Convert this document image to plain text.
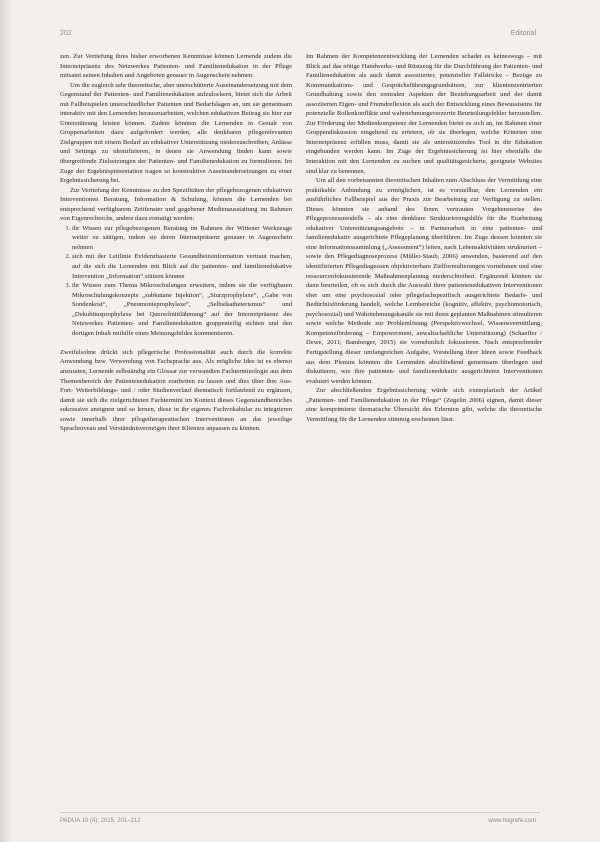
202	Editorial

zen. Zur Vertiefung ihres bisher erworbenen Kenntnisse können Lernende zudem die Internetpräsenz des Netzwerkes Patienten- und Familienedukation in der Pflege mitsamt seinen Inhalten und Angeboten genauer in Augenschein nehmen.

Um die zugleich sehr theoretische, aber unerschütterte Auseinandersetzung mit dem Gegenstand der Patienten- und Familienedukation aufzulockern, bietet sich die Arbeit mit Fallbeispielen unterschiedlicher Patienten und Bedarfslagen an, um sie gemeinsam interaktiv mit den Lernenden herauszuarbeiten, welchen edukativen Beitrag sie hier zur Unterstützung leisten können. Zudem könnten die Lernenden in Gestalt von Gruppenarbeiten dazu aufgefordert werden, alle denkbaren pflegerelevanten Zielgruppen mit einem Bedarf an edukativer Unterstützung niederzuschreiben, Anlässe und Settings zu identifizieren, in denen sie Anwendung finden kann sowie übergreifende Zielsetzungen der Patienten- und Familienedukation zu formulieren. Im Zuge der Ergebnispräsentation tragen so konstruktive Auseinandersetzungen zu einer Ergebnissicherung bei.

Zur Vertiefung der Kenntnisse zu den Spezifitäten der pflegebezogenen edukativen Interventionen Beratung, Information & Schulung, können die Lernenden bei entsprechend verfügbarem Zeitfenster und gegebener Medienausstattung im Rahmen von Eigenrecherche, andere dazu ermutigt werden:

1. ihr Wissen zur pflegebezogenen Beratung im Rahmen der Wittener Werkzeuge weiter zu sättigen, indem sie deren Internetpräsenz genauer in Augenschein nehmen
2. sich mit der Leitlinie Evidenzbasierte Gesundheitsinformation vertraut machen, auf die sich die Lernenden mit Blick auf die patienten- und familienedukative Intervention „Information“ stützen können
3. ihr Wissen zum Thema Mikroschulungen erweitern, indem sie die verfügbaren Mikroschulungskonzepte „subkutane Injektion“, „Sturzprophylaxe“, „Gabe von Sondenkost“, „Pneumonieprophylaxe“, „Selbstkatheterismus“ und „Dekubitusprophylaxe bei Querschnittlähmung“ auf der Internetpräsenz des Netzwerkes Patienten- und Familienedukation gruppenteilig sichten und den dortigen Inhalt mithilfe eines Meinungsbildes kommentieren.

Zweifelsohne drückt sich pflegerische Professionalität auch durch die korrekte Anwendung bzw. Verwendung von Fachsprache aus. Als mögliche Idee ist es ebenso anzuraten, Lernende selbständig ein Glossar zur verwandten Fachterminologie aus dem Themenbereich der Patientenedukation erarbeiten zu lassen und dies über ihre Aus- Fort- Weiterbildungs- und / oder Studienverlauf thematisch fortlaufend zu ergänzen, damit sie sich die zielgerichteten Fachtermini im Kontext dieses Gegenstandbereiches sukzessive aneignen und so lernen, diese in ihr eigenes Fachvokabular zu integrieren sowie innerhalb ihrer pflegetherapeutischen Interventionen an das jeweilige Sprachniveau und Verständnisvermögen ihrer Klienten anpassen zu können.

Im Rahmen der Kompetenzentwicklung der Lernenden schadet es keineswegs – mit Blick auf das nötige Handwerks- und Rüstzeug für die Durchführung der Patienten- und Familienedukation als auch damit assoziierter, potenzieller Fallstricke – Bezüge zu Kommunikations- und Gesprächsführungsgrundsätzen, zur klientenzentrierten Grundhaltung sowie den zentralen Aspekten der Beziehungsarbeit und der damit assoziierten Eigen- und Fremdreflexion als auch der Entwicklung eines Bewusstseins für potenzielle Rollenkonflikte und wahrnehmungsverzerrte Beurteilungsfehler herzustellen. Zur Förderung der Medienkompetenz der Lernenden bietet es sich an, im Rahmen einer Gruppendiskussion eingehend zu erörtern, ob sie überlegen, welche Kriterien eine Internetpräsenz erfüllen muss, damit sie als unterstützendes Tool in die Edukation eingebunden werden kann. Im Zuge der Ergebnissicherung ist hier ebenfalls die Interaktion mit den Lernenden zu suchen und qualitätsgesicherte, geeignete Websites sind klar zu benennen.

Um all den vorbenannten theoretischen Inhalten zum Abschluss der Vermittlung eine praktikable Anbindung zu ermöglichen, ist es vorstellbar, den Lernenden ein ausführliches Fallbeispiel aus der Praxis zur Bearbeitung zur Verfügung zu stellen. Dieses könnten sie anhand des ihnen vertrauten Vorgehensweise des Pflegeprozessmodells – als eine denkbare Strukturierungshilfe für die Erarbeitung edukativer Unterstützungsangebote – in Partnerarbeit in eine patienten- und familienedukativ ausgerichtete Pflegeplanung überführen. Im Zuge dessen könnten sie eine Informationssammlung („Assessment“) leiten, nach Lebensaktivitäten strukturiert – sowie den Pflegediagnoseprozess (Müller-Staub, 2006) anwenden, basierend auf den identifizierten Pflegediagnosen objektivierbare Zielformulierungen vornehmen und eine ressourcenfokussierende Maßnahmenplanung niederschreiben. Ergänzend können sie dann beurteilen, ob es sich durch die Auswahl ihrer patientenedukativen Interventionen eher um eine psychosozial oder pflegefachspezifisch ausgerichtete Bedarfs- und Bedürfnisförderung handelt, welche Lernbereiche (kognitiv, affektiv, psychomotorisch, psychosozial) und Wahrnehmungskanäle sie mit ihren geplanten Maßnahmen stimulieren sowie welche Methode zur Problemlösung (Perspektivwechsel, Wissensvermittlung, Kompetenzförderung – Empowerment, anwaltschaftliche Unterstützung) (Schaeffer / Dewe, 2011; Bamberger, 2015) sie vornehmlich fokussieren. Nach entsprechender Fertigstellung dieser umfangreichen Aufgabe, Vorstellung ihrer Ideen sowie Feedback aus dem Plenum könnten die Lernenden abschließend gemeinsam überlegen und diskutieren, wie ihre patienten- und familienedukativ ausgerichteten Interventionen evaluiert werden können.

Zur abschließenden Ergebnissicherung würde sich exemplarisch der Artikel „Patienten- und Familienedukation in der Pflege“ (Zegelin 2006) eignen, damit dieser eine komprimierte thematische Übersicht des Erlernten gibt, welche die theoretische Vermittlung für die Lernenden stimmig erscheinen lässt.

PADUA 10 (4), 2015, 201–212	www.hogrefe.com
